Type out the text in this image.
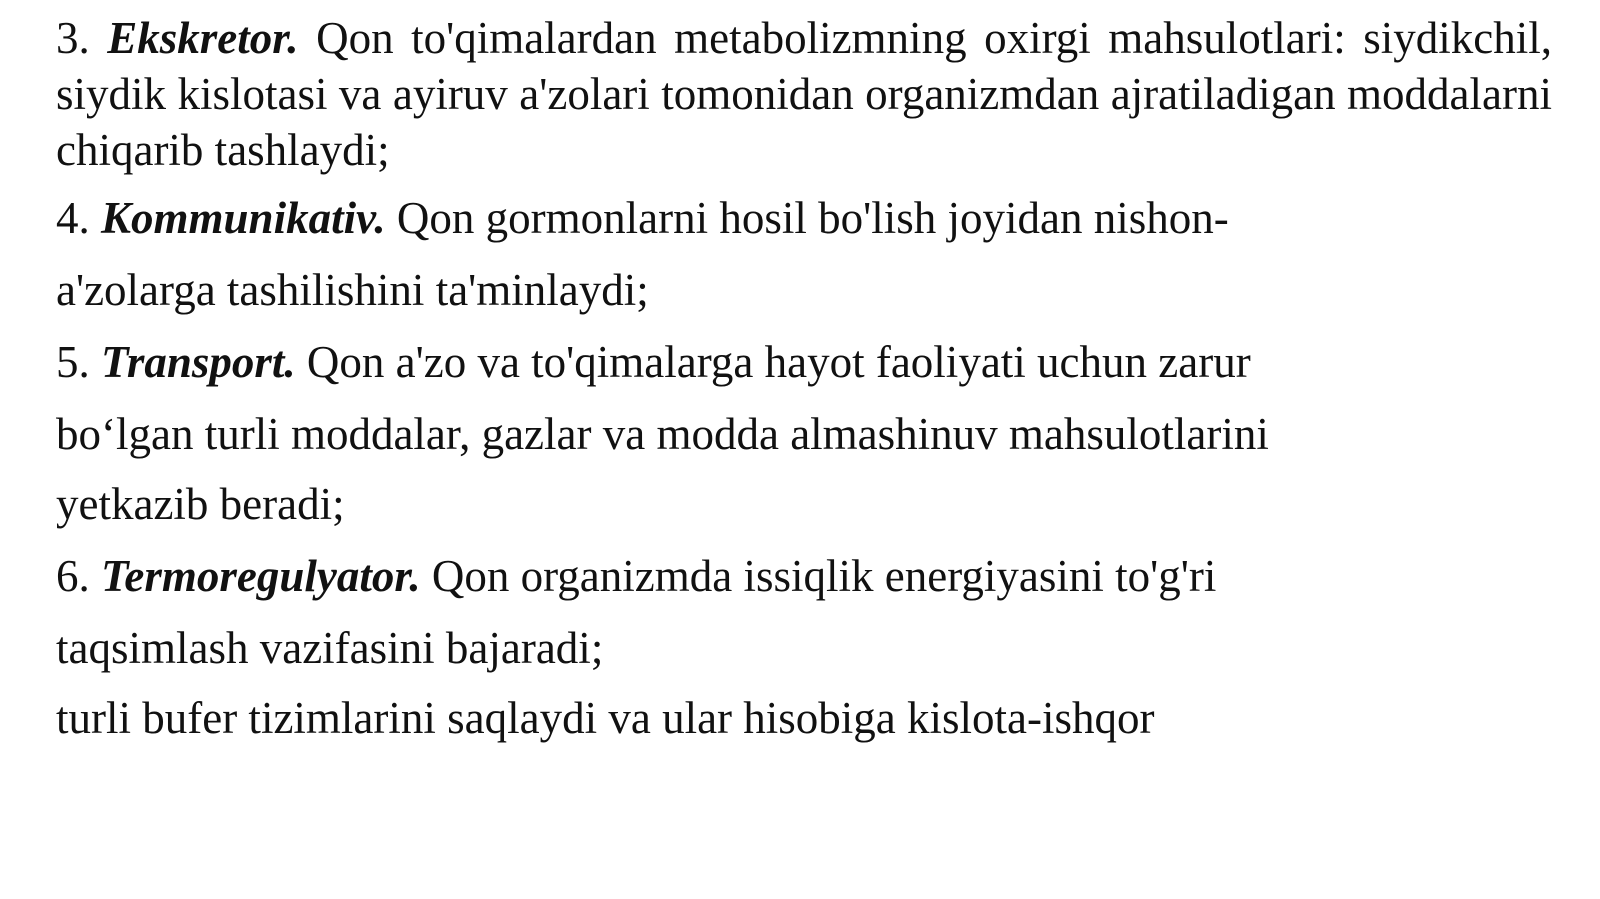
3. Ekskretor. Qon to'qimalardan metabolizmning oxirgi mahsulotlari: siydikchil, siydik kislotasi va ayiruv a'zolari tomonidan organizmdan ajratiladigan moddalarni chiqarib tashlaydi;

4. Kommunikativ. Qon gormonlarni hosil bo'lish joyidan nishon-
a'zolarga tashilishini ta'minlaydi;
5. Transport. Qon a'zo va to'qimalarga hayot faoliyati uchun zarur
bo‘lgan turli moddalar, gazlar va modda almashinuv mahsulotlarini
yetkazib beradi;
6. Termoregulyator. Qon organizmda issiqlik energiyasini to'g'ri
taqsimlash vazifasini bajaradi;
turli bufer tizimlarini saqlaydi va ular hisobiga kislota-ishqor
